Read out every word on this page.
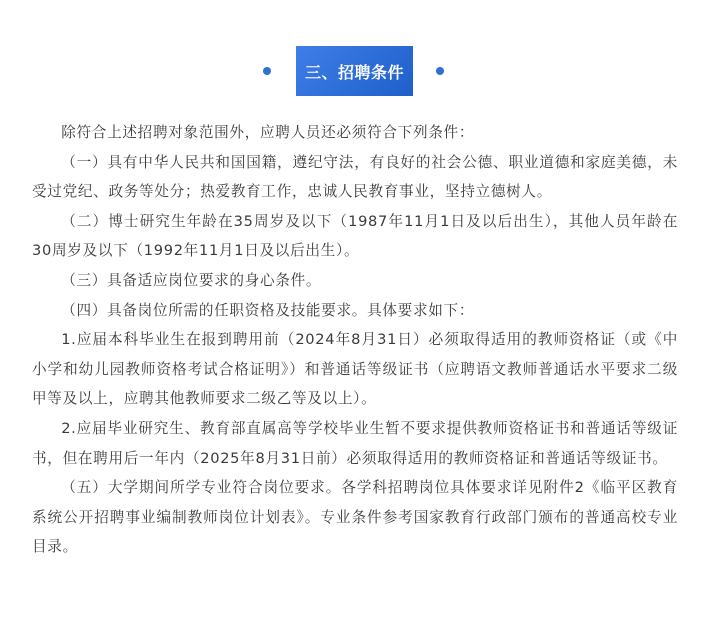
三、招聘条件

除符合上述招聘对象范围外，应聘人员还必须符合下列条件：

（一）具有中华人民共和国国籍，遵纪守法，有良好的社会公德、职业道德和家庭美德，未受过党纪、政务等处分；热爱教育工作，忠诚人民教育事业，坚持立德树人。

（二）博士研究生年龄在35周岁及以下（1987年11月1日及以后出生），其他人员年龄在30周岁及以下（1992年11月1日及以后出生）。

（三）具备适应岗位要求的身心条件。

（四）具备岗位所需的任职资格及技能要求。具体要求如下：

1.应届本科毕业生在报到聘用前（2024年8月31日）必须取得适用的教师资格证（或《中小学和幼儿园教师资格考试合格证明》）和普通话等级证书（应聘语文教师普通话水平要求二级甲等及以上，应聘其他教师要求二级乙等及以上）。

2.应届毕业研究生、教育部直属高等学校毕业生暂不要求提供教师资格证书和普通话等级证书，但在聘用后一年内（2025年8月31日前）必须取得适用的教师资格证和普通话等级证书。

（五）大学期间所学专业符合岗位要求。各学科招聘岗位具体要求详见附件2《临平区教育系统公开招聘事业编制教师岗位计划表》。专业条件参考国家教育行政部门颁布的普通高校专业目录。
